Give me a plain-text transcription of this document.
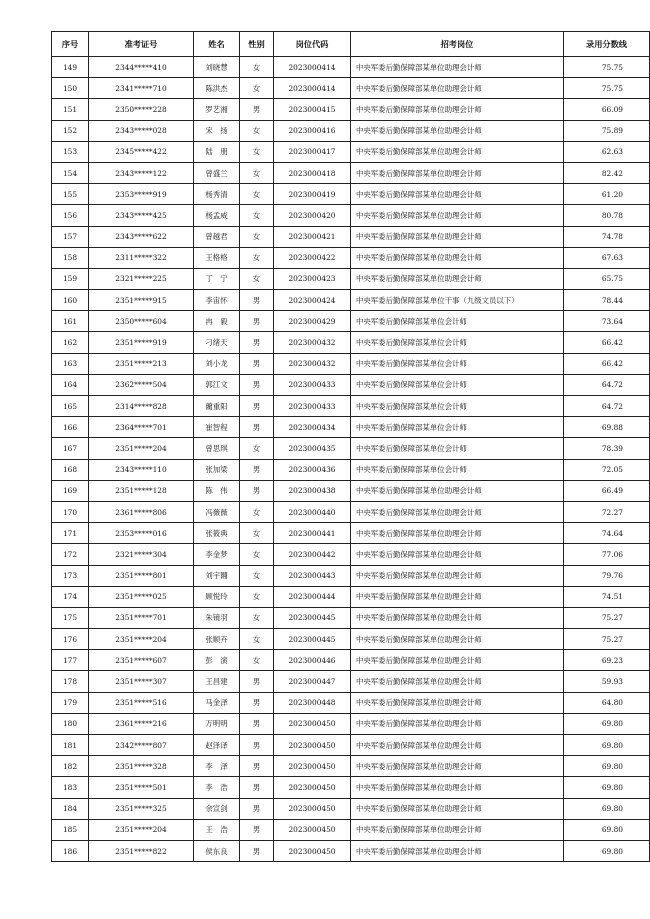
序号	准考证号	姓名	性别	岗位代码	招考岗位	录用分数线
149	2344*****410	刘晓慧	女	2023000414	中央军委后勤保障部某单位助理会计师	75.75
150	2341*****710	陈洪杰	女	2023000414	中央军委后勤保障部某单位助理会计师	75.75
151	2350*****228	罗艺湘	男	2023000415	中央军委后勤保障部某单位助理会计师	66.09
152	2343*****028	宋　扬	女	2023000416	中央军委后勤保障部某单位助理会计师	75.89
153	2345*****422	陆　朋	女	2023000417	中央军委后勤保障部某单位助理会计师	62.63
154	2343*****122	曾盛兰	女	2023000418	中央军委后勤保障部某单位助理会计师	82.42
155	2353*****919	杨秀清	女	2023000419	中央军委后勤保障部某单位助理会计师	61.20
156	2343*****425	杨孟威	女	2023000420	中央军委后勤保障部某单位助理会计师	80.78
157	2343*****622	曾越君	女	2023000421	中央军委后勤保障部某单位助理会计师	74.78
158	2311*****322	王格格	女	2023000422	中央军委后勤保障部某单位助理会计师	67.63
159	2321*****225	丁　宁	女	2023000423	中央军委后勤保障部某单位助理会计师	65.75
160	2351*****915	李宙怀	男	2023000424	中央军委后勤保障部某单位干事（九级文员以下）	78.44
161	2350*****604	冉　毅	男	2023000429	中央军委后勤保障部某单位会计师	73.64
162	2351*****919	刁绪天	男	2023000432	中央军委后勤保障部某单位会计师	66.42
163	2351*****213	刘小龙	男	2023000432	中央军委后勤保障部某单位会计师	66.42
164	2362*****504	郭江文	男	2023000433	中央军委后勤保障部某单位会计师	64.72
165	2314*****828	藺重阳	男	2023000433	中央军委后勤保障部某单位会计师	64.72
166	2364*****701	崔智程	男	2023000434	中央军委后勤保障部某单位会计师	69.88
167	2351*****204	曾思琪	女	2023000435	中央军委后勤保障部某单位会计师	78.39
168	2343*****110	张加梁	男	2023000436	中央军委后勤保障部某单位会计师	72.05
169	2351*****128	陈　伟	男	2023000438	中央军委后勤保障部某单位助理会计师	66.49
170	2361*****806	冯薇薇	女	2023000440	中央军委后勤保障部某单位助理会计师	72.27
171	2353*****016	张筱典	女	2023000441	中央军委后勤保障部某单位助理会计师	74.64
172	2321*****304	李金梦	女	2023000442	中央军委后勤保障部某单位助理会计师	77.06
173	2351*****801	刘宇翾	女	2023000443	中央军委后勤保障部某单位助理会计师	79.76
174	2351*****025	顾悦玲	女	2023000444	中央军委后勤保障部某单位助理会计师	74.51
175	2351*****701	朱镜羽	女	2023000445	中央军委后勤保障部某单位助理会计师	75.27
176	2351*****204	张顺卉	女	2023000445	中央军委后勤保障部某单位助理会计师	75.27
177	2351*****607	彭　演	女	2023000446	中央军委后勤保障部某单位助理会计师	69.23
178	2351*****307	王昌建	男	2023000447	中央军委后勤保障部某单位助理会计师	59.93
179	2351*****516	马金泽	男	2023000448	中央军委后勤保障部某单位助理会计师	64.80
180	2361*****216	万明明	男	2023000450	中央军委后勤保障部某单位助理会计师	69.80
181	2342*****807	赵泽译	男	2023000450	中央军委后勤保障部某单位助理会计师	69.80
182	2351*****328	李　泽	男	2023000450	中央军委后勤保障部某单位助理会计师	69.80
183	2351*****501	李　浩	男	2023000450	中央军委后勤保障部某单位助理会计师	69.80
184	2351*****325	余宣剑	男	2023000450	中央军委后勤保障部某单位助理会计师	69.80
185	2351*****204	王　浩	男	2023000450	中央军委后勤保障部某单位助理会计师	69.80
186	2351*****822	侯东良	男	2023000450	中央军委后勤保障部某单位助理会计师	69.80
